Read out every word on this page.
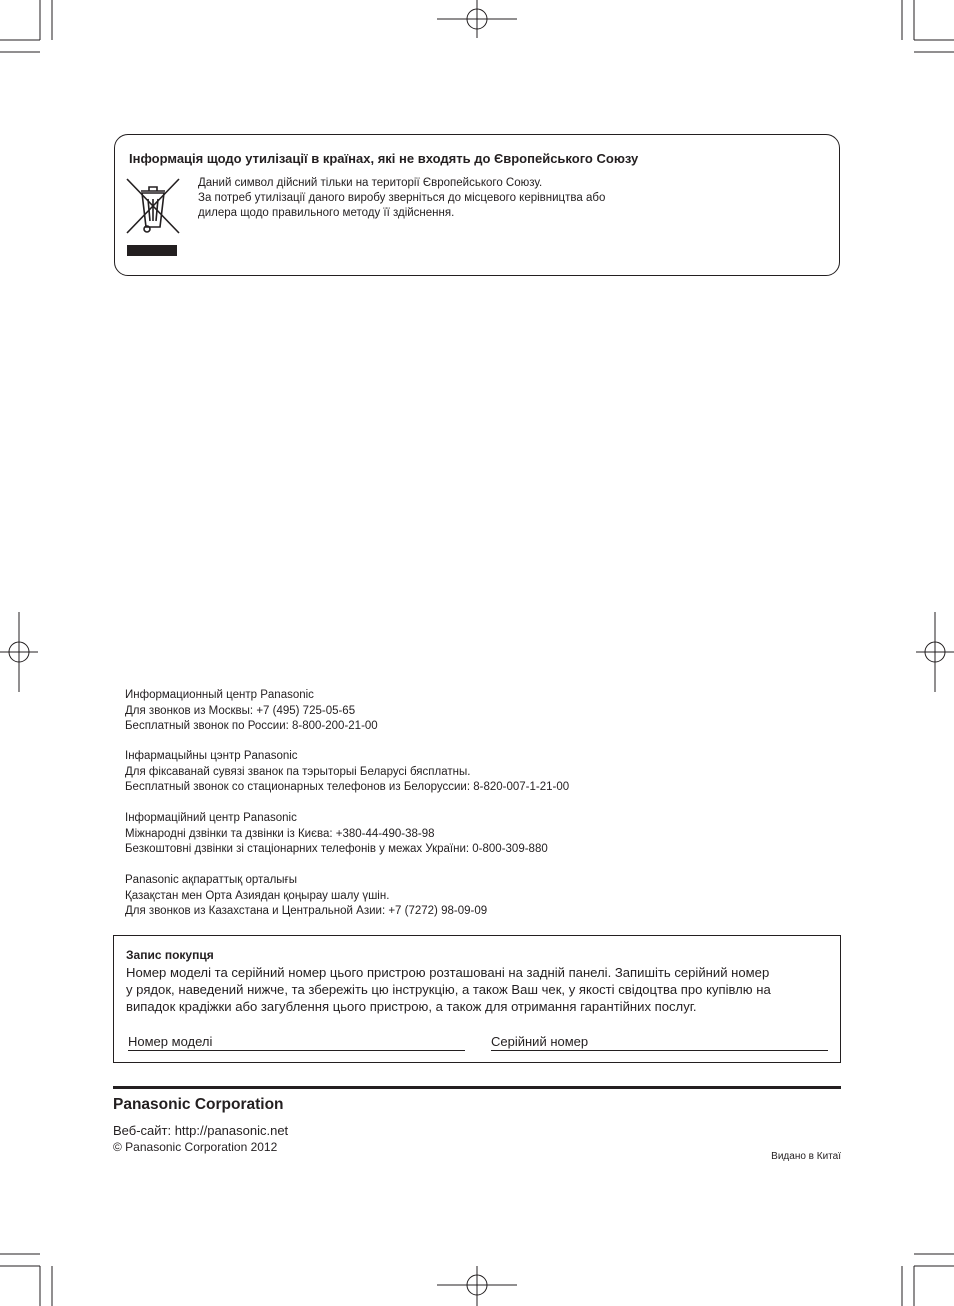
Інформація щодо утилізації в країнах, які не входять до Європейського Союзу
Даний символ дійсний тільки на території Європейського Союзу.
За потреб утилізації даного виробу зверніться до місцевого керівництва або
дилера щодо правильного методу її здійснення.
Информационный центр Panasonic
Для звонков из Москвы: +7 (495) 725-05-65
Бесплатный звонок по России: 8-800-200-21-00
Інфармацыйны цэнтр Panasonic
Для фіксаванай сувязі званок па тэрыторыі Беларусі бясплатны.
Бесплатный звонок со стационарных телефонов из Белоруссии: 8-820-007-1-21-00
Інформаційний центр Panasonic
Міжнародні дзвінки та дзвінки із Києва: +380-44-490-38-98
Безкоштовні дзвінки зі стаціонарних телефонів у межах України: 0-800-309-880
Panasonic ақпараттық орталығы
Қазақстан мен Орта Азиядан қоңырау шалу үшін.
Для звонков из Казахстана и Центральной Азии: +7 (7272) 98-09-09
Запис покупця
Номер моделі та серійний номер цього пристрою розташовані на задній панелі. Запишіть серійний номер
у рядок, наведений нижче, та збережіть цю інструкцію, а також Ваш чек, у якості свідоцтва про купівлю на
випадок крадіжки або загублення цього пристрою, а також для отримання гарантійних послуг.
Номер моделі	Серійний номер
Panasonic Corporation
Веб-сайт: http://panasonic.net
© Panasonic Corporation 2012
Видано в Китаї
